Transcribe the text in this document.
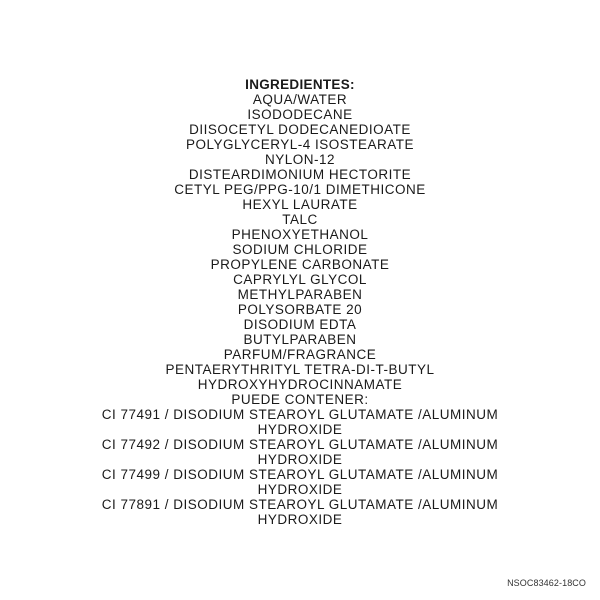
INGREDIENTES:
AQUA/WATER
ISODODECANE
DIISOCETYL DODECANEDIOATE
POLYGLYCERYL-4 ISOSTEARATE
NYLON-12
DISTEARDIMONIUM HECTORITE
CETYL PEG/PPG-10/1 DIMETHICONE
HEXYL LAURATE
TALC
PHENOXYETHANOL
SODIUM CHLORIDE
PROPYLENE CARBONATE
CAPRYLYL GLYCOL
METHYLPARABEN
POLYSORBATE 20
DISODIUM EDTA
BUTYLPARABEN
PARFUM/FRAGRANCE
PENTAERYTHRITYL TETRA-DI-T-BUTYL
HYDROXYHYDROCINNAMATE
PUEDE CONTENER:
CI 77491 / DISODIUM STEAROYL GLUTAMATE /ALUMINUM
HYDROXIDE
CI 77492 / DISODIUM STEAROYL GLUTAMATE /ALUMINUM
HYDROXIDE
CI 77499 / DISODIUM STEAROYL GLUTAMATE /ALUMINUM
HYDROXIDE
CI 77891 / DISODIUM STEAROYL GLUTAMATE /ALUMINUM
HYDROXIDE
NSOC83462-18CO
